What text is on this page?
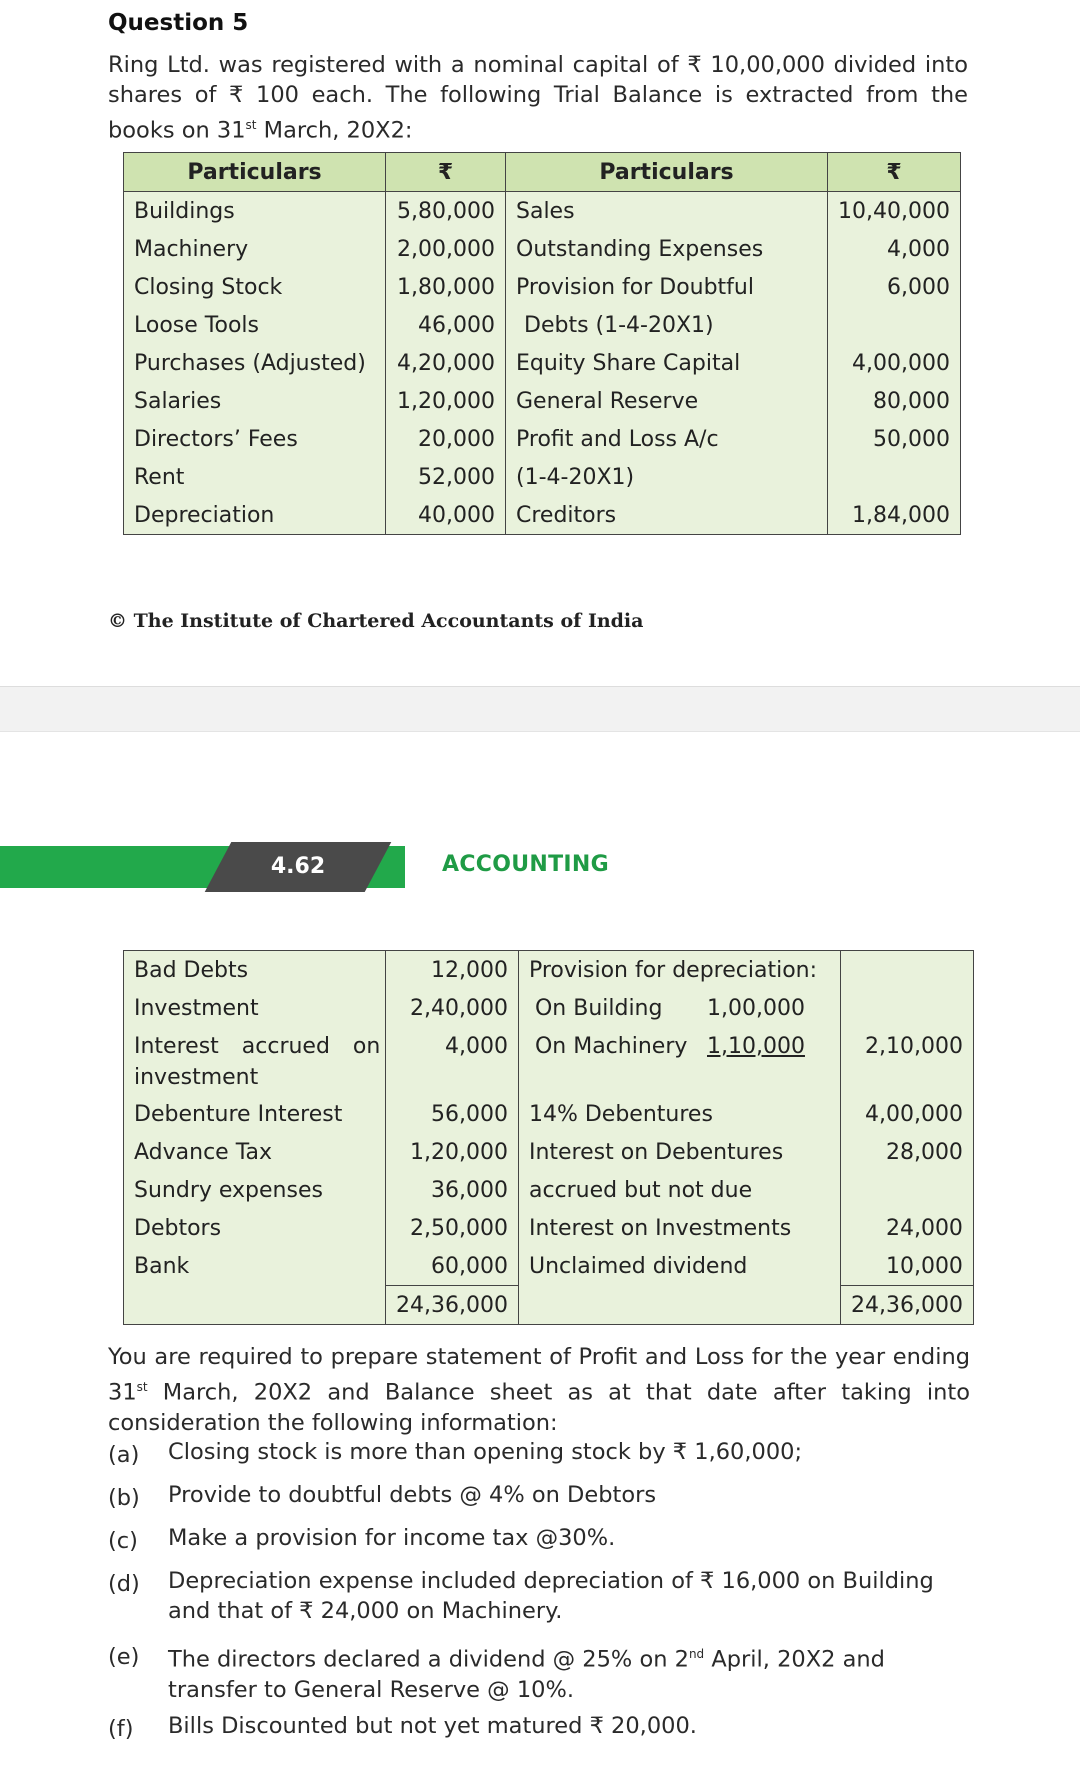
Question 5
Ring Ltd. was registered with a nominal capital of ₹ 10,00,000 divided into shares of ₹ 100 each. The following Trial Balance is extracted from the books on 31st March, 20X2:
Particulars	₹	Particulars	₹
Buildings	5,80,000	Sales	10,40,000
Machinery	2,00,000	Outstanding Expenses	4,000
Closing Stock	1,80,000	Provision for Doubtful	6,000
Loose Tools	46,000	Debts (1-4-20X1)	
Purchases (Adjusted)	4,20,000	Equity Share Capital	4,00,000
Salaries	1,20,000	General Reserve	80,000
Directors’ Fees	20,000	Profit and Loss A/c	50,000
Rent	52,000	(1-4-20X1)	
Depreciation	40,000	Creditors	1,84,000
© The Institute of Chartered Accountants of India
4.62	ACCOUNTING
Bad Debts	12,000	Provision for depreciation:	
Investment	2,40,000	On Building 1,00,000	

Interest accrued on	4,000	On Machinery 1,10,000	2,10,000
investment			
Debenture Interest	56,000	14% Debentures	4,00,000
Advance Tax	1,20,000	Interest on Debentures	28,000
Sundry expenses	36,000	accrued but not due	
Debtors	2,50,000	Interest on Investments	24,000
Bank	60,000	Unclaimed dividend	10,000
	24,36,000		24,36,000
You are required to prepare statement of Profit and Loss for the year ending 31st March, 20X2 and Balance sheet as at that date after taking into consideration the following information:
(a) Closing stock is more than opening stock by ₹ 1,60,000;
(b) Provide to doubtful debts @ 4% on Debtors
(c) Make a provision for income tax @30%.
(d) Depreciation expense included depreciation of ₹ 16,000 on Building and that of ₹ 24,000 on Machinery.
(e) The directors declared a dividend @ 25% on 2nd April, 20X2 and transfer to General Reserve @ 10%.
(f) Bills Discounted but not yet matured ₹ 20,000.
